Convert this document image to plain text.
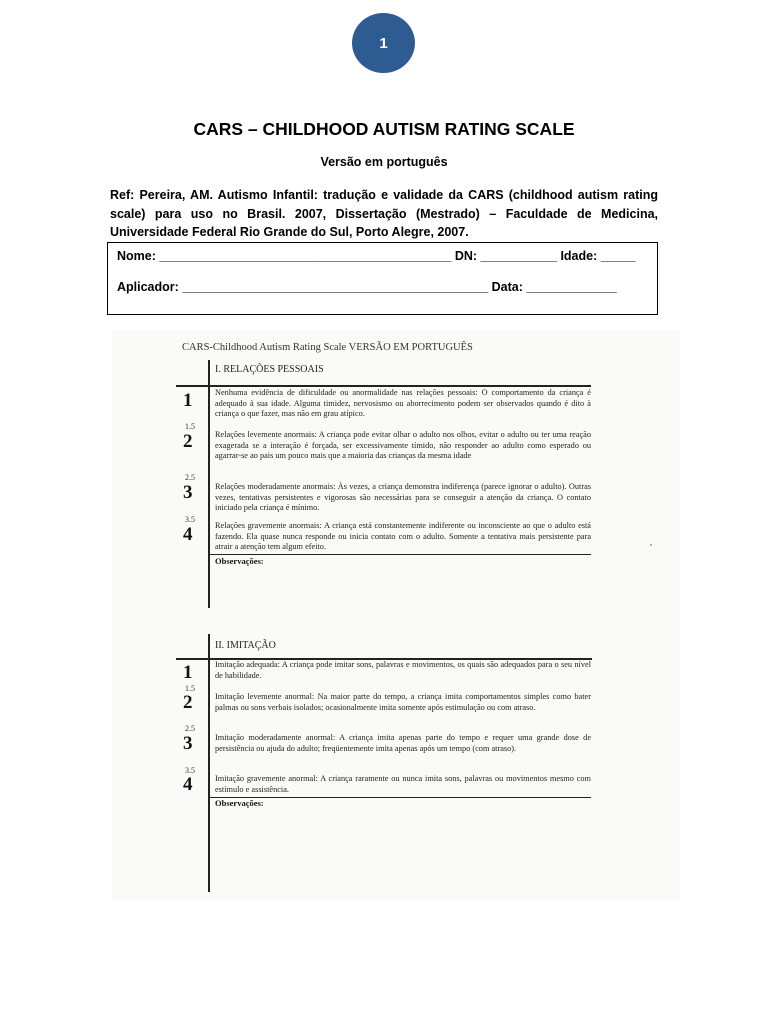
1
CARS – CHILDHOOD AUTISM RATING SCALE
Versão em português
Ref: Pereira, AM. Autismo Infantil: tradução e validade da CARS (childhood autism rating scale) para uso no Brasil. 2007, Dissertação (Mestrado) – Faculdade de Medicina, Universidade Federal Rio Grande do Sul, Porto Alegre, 2007.
Nome: __________________________________________ DN: ___________ Idade: _____
Aplicador: ____________________________________________ Data: _____________
CARS-Childhood Autism Rating Scale VERSÃO EM PORTUGUÊS
I. RELAÇÕES PESSOAIS
1
1.5
2
2.5
3
3.5
4
Nenhuma evidência de dificuldade ou anormalidade nas relações pessoais: O comportamento da criança é adequado à sua idade. Alguma timidez, nervosismo ou aborrecimento podem ser observados quando é dito à criança o que fazer, mas não em grau atípico.
Relações levemente anormais: A criança pode evitar olhar o adulto nos olhos, evitar o adulto ou ter uma reação exagerada se a interação é forçada, ser excessivamente tímido, não responder ao adulto como esperado ou agarrar-se ao pais um pouco mais que a maioria das crianças da mesma idade
Relações moderadamente anormais: Às vezes, a criança demonstra indiferença (parece ignorar o adulto). Outras vezes, tentativas persistentes e vigorosas são necessárias para se conseguir a atenção da criança. O contato iniciado pela criança é mínimo.
Relações gravemente anormais: A criança está constantemente indiferente ou inconsciente ao que o adulto está fazendo. Ela quase nunca responde ou inicia contato com o adulto. Somente a tentativa mais persistente para atrair a atenção tem algum efeito.
Observações:
II. IMITAÇÃO
1
1.5
2
2.5
3
3.5
4
Imitação adequada: A criança pode imitar sons, palavras e movimentos, os quais são adequados para o seu nível de habilidade.
Imitação levemente anormal: Na maior parte do tempo, a criança imita comportamentos simples como bater palmas ou sons verbais isolados; ocasionalmente imita somente após estimulação ou com atraso.
Imitação moderadamente anormal: A criança imita apenas parte do tempo e requer uma grande dose de persistência ou ajuda do adulto; freqüentemente imita apenas após um tempo (com atraso).
Imitação gravemente anormal: A criança raramente ou nunca imita sons, palavras ou movimentos mesmo com estímulo e assistência.
Observações:
